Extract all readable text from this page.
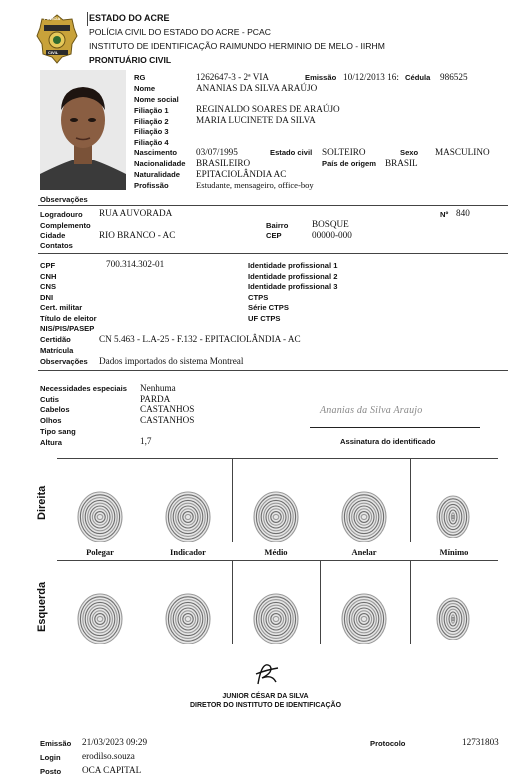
POLÍCIA
CIVIL
ESTADO DO ACRE
POLÍCIA CIVIL DO ESTADO DO ACRE - PCAC
INSTITUTO DE IDENTIFICAÇÃO RAIMUNDO HERMINIO DE MELO - IIRHM
PRONTUÁRIO CIVIL
RG	1262647-3 - 2ª VIA	Emissão 10/12/2013 16: Cédula 986525
Nome	ANANIAS DA SILVA ARAÚJO
Nome social
Filiação 1	REGINALDO SOARES DE ARAÚJO
Filiação 2	MARIA LUCINETE DA SILVA
Filiação 3
Filiação 4
Nascimento 03/07/1995	Estado civil SOLTEIRO	Sexo MASCULINO
Nacionalidade BRASILEIRO	País de origem BRASIL
Naturalidade EPITACIOLÂNDIA AC
Profissão	Estudante, mensageiro, office-boy
Observações
Logradouro RUA AUVORADA	Nº 840
Complemento	Bairro	BOSQUE
Cidade	RIO BRANCO - AC	CEP	00000-000
Contatos
CPF	700.314.302-01
CNH
CNS
DNI
Cert. militar
Título de eleitor
NIS/PIS/PASEP
Certidão	CN 5.463 - L.A-25 - F.132 - EPITACIOLÂNDIA - AC
Matrícula
Observações Dados importados do sistema Montreal
Identidade profissional 1
Identidade profissional 2
Identidade profissional 3
CTPS
Série CTPS
UF CTPS
Necessidades especiais Nenhuma
Cutis	PARDA
Cabelos	CASTANHOS
Olhos	CASTANHOS
Tipo sang
Altura	1,7
Ananias da Silva Araujo
Assinatura do identificado
Direita
Esquerda
Polegar	Indicador	Médio	Anelar	Mínimo
JUNIOR CÉSAR DA SILVA
DIRETOR DO INSTITUTO DE IDENTIFICAÇÃO
Emissão 21/03/2023 09:29	Protocolo	12731803
Login erodilso.souza
Posto OCA CAPITAL
